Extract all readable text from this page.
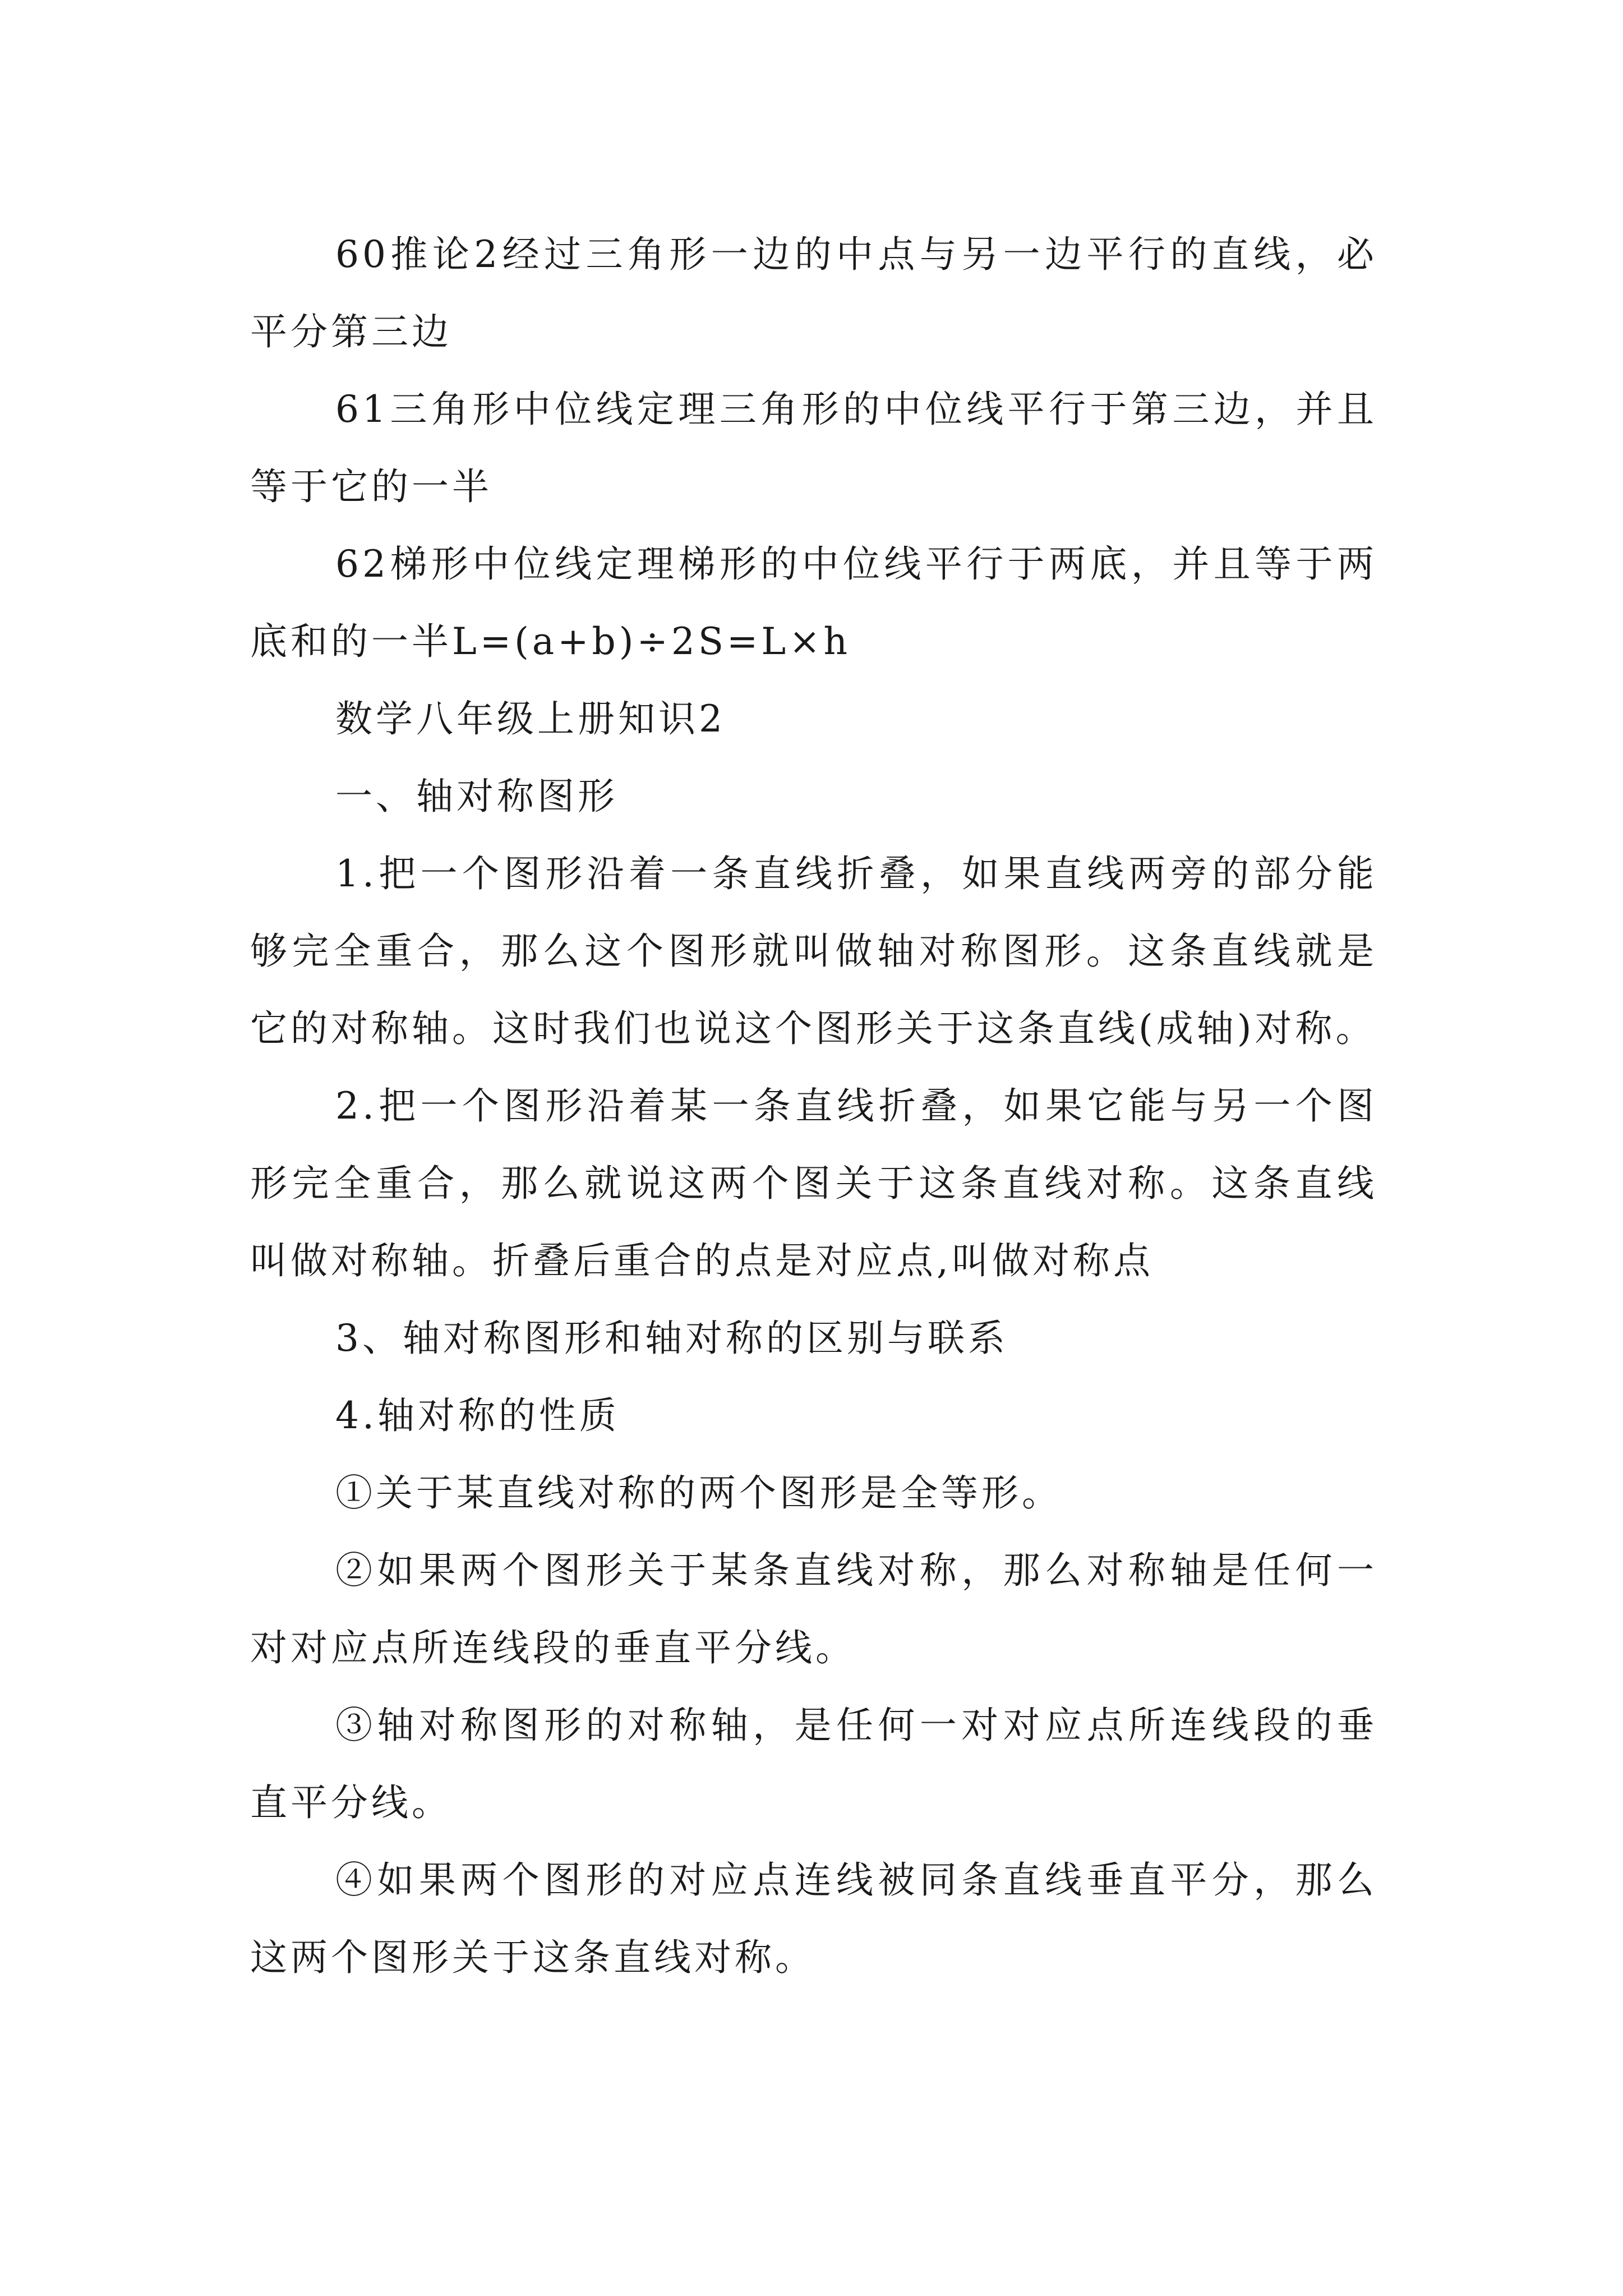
60推论2经过三角形一边的中点与另一边平行的直线，必平分第三边

61三角形中位线定理三角形的中位线平行于第三边，并且等于它的一半

62梯形中位线定理梯形的中位线平行于两底，并且等于两底和的一半L=(a+b)÷2S=L×h

数学八年级上册知识2

一、轴对称图形

1.把一个图形沿着一条直线折叠，如果直线两旁的部分能够完全重合，那么这个图形就叫做轴对称图形。这条直线就是它的对称轴。这时我们也说这个图形关于这条直线(成轴)对称。

2.把一个图形沿着某一条直线折叠，如果它能与另一个图形完全重合，那么就说这两个图关于这条直线对称。这条直线叫做对称轴。折叠后重合的点是对应点,叫做对称点

3、轴对称图形和轴对称的区别与联系

4.轴对称的性质

①关于某直线对称的两个图形是全等形。

②如果两个图形关于某条直线对称，那么对称轴是任何一对对应点所连线段的垂直平分线。

③轴对称图形的对称轴，是任何一对对应点所连线段的垂直平分线。

④如果两个图形的对应点连线被同条直线垂直平分，那么这两个图形关于这条直线对称。
